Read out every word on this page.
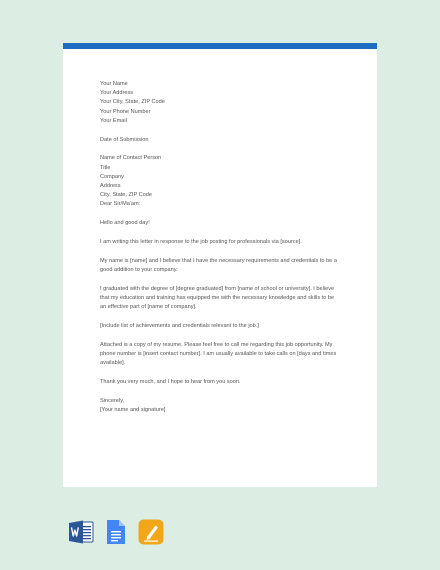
Your Name
Your Address
Your City, State, ZIP Code
Your Phone Number
Your Email
Date of Submission
Name of Contact Person
Title
Company
Address
City, State, ZIP Code
Dear Sir/Ma'am:
Hello and good day!
I am writing this letter in response to the job posting for professionals via [source].
My name is [name] and I believe that I have the necessary requirements and credentials to be a good addition to your company.
I graduated with the degree of [degree graduated] from [name of school or university]. I believe that my education and training has equipped me with the necessary knowledge and skills to be an effective part of [name of company].
[Include list of achievements and credentials relevant to the job.]
Attached is a copy of my resume. Please feel free to call me regarding this job opportunity. My phone number is [insert contact number]. I am usually available to take calls on [days and times available].
Thank you very much, and I hope to hear from you soon.
Sincerely,
[Your name and signature]
